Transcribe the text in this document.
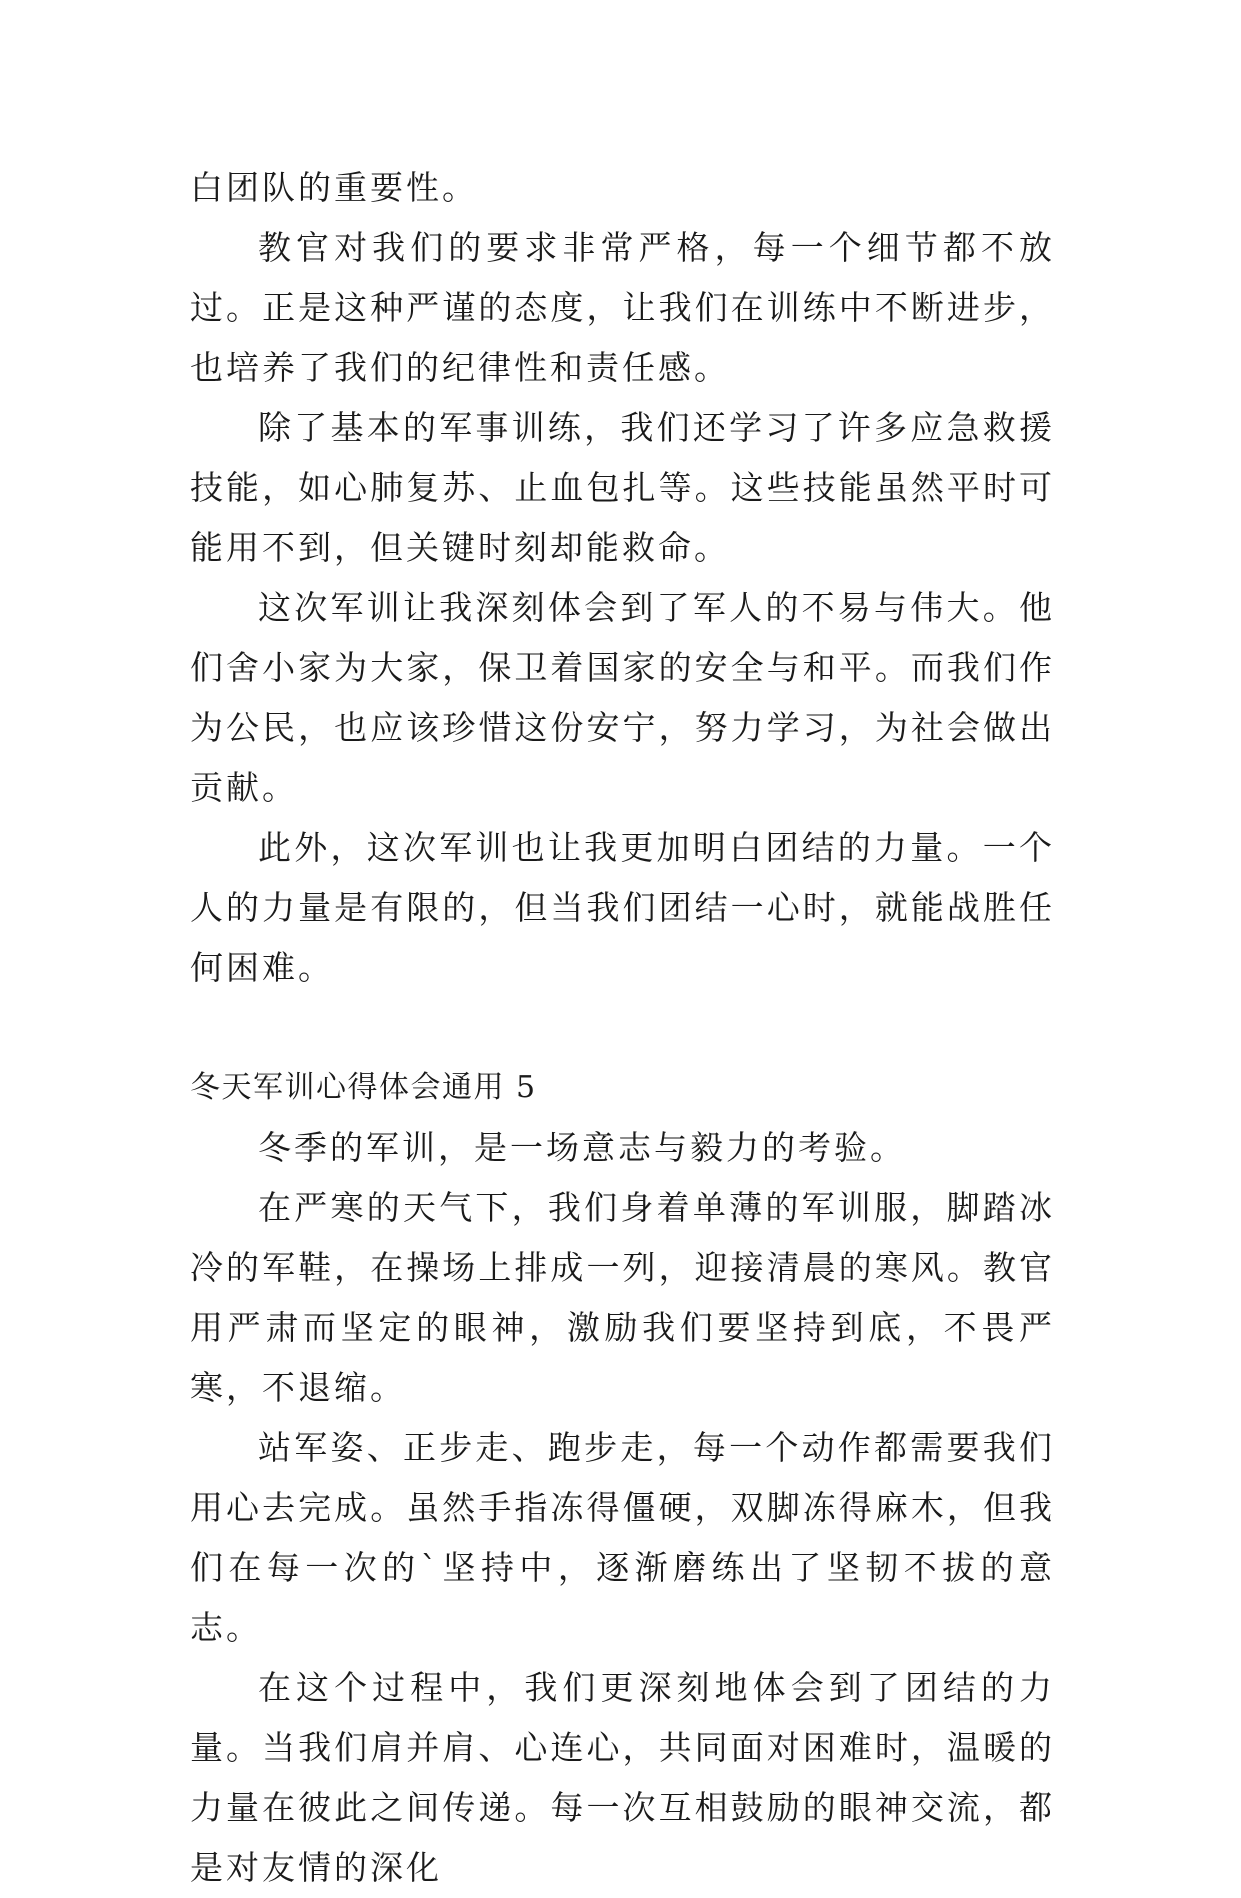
白团队的重要性。

教官对我们的要求非常严格，每一个细节都不放过。正是这种严谨的态度，让我们在训练中不断进步，也培养了我们的纪律性和责任感。

除了基本的军事训练，我们还学习了许多应急救援技能，如心肺复苏、止血包扎等。这些技能虽然平时可能用不到，但关键时刻却能救命。

这次军训让我深刻体会到了军人的不易与伟大。他们舍小家为大家，保卫着国家的安全与和平。而我们作为公民，也应该珍惜这份安宁，努力学习，为社会做出贡献。

此外，这次军训也让我更加明白团结的力量。一个人的力量是有限的，但当我们团结一心时，就能战胜任何困难。

冬天军训心得体会通用 5

冬季的军训，是一场意志与毅力的考验。

在严寒的天气下，我们身着单薄的军训服，脚踏冰冷的军鞋，在操场上排成一列，迎接清晨的寒风。教官用严肃而坚定的眼神，激励我们要坚持到底，不畏严寒，不退缩。

站军姿、正步走、跑步走，每一个动作都需要我们用心去完成。虽然手指冻得僵硬，双脚冻得麻木，但我们在每一次的`坚持中，逐渐磨练出了坚韧不拔的意志。

在这个过程中，我们更深刻地体会到了团结的力量。当我们肩并肩、心连心，共同面对困难时，温暖的力量在彼此之间传递。每一次互相鼓励的眼神交流，都是对友情的深化
